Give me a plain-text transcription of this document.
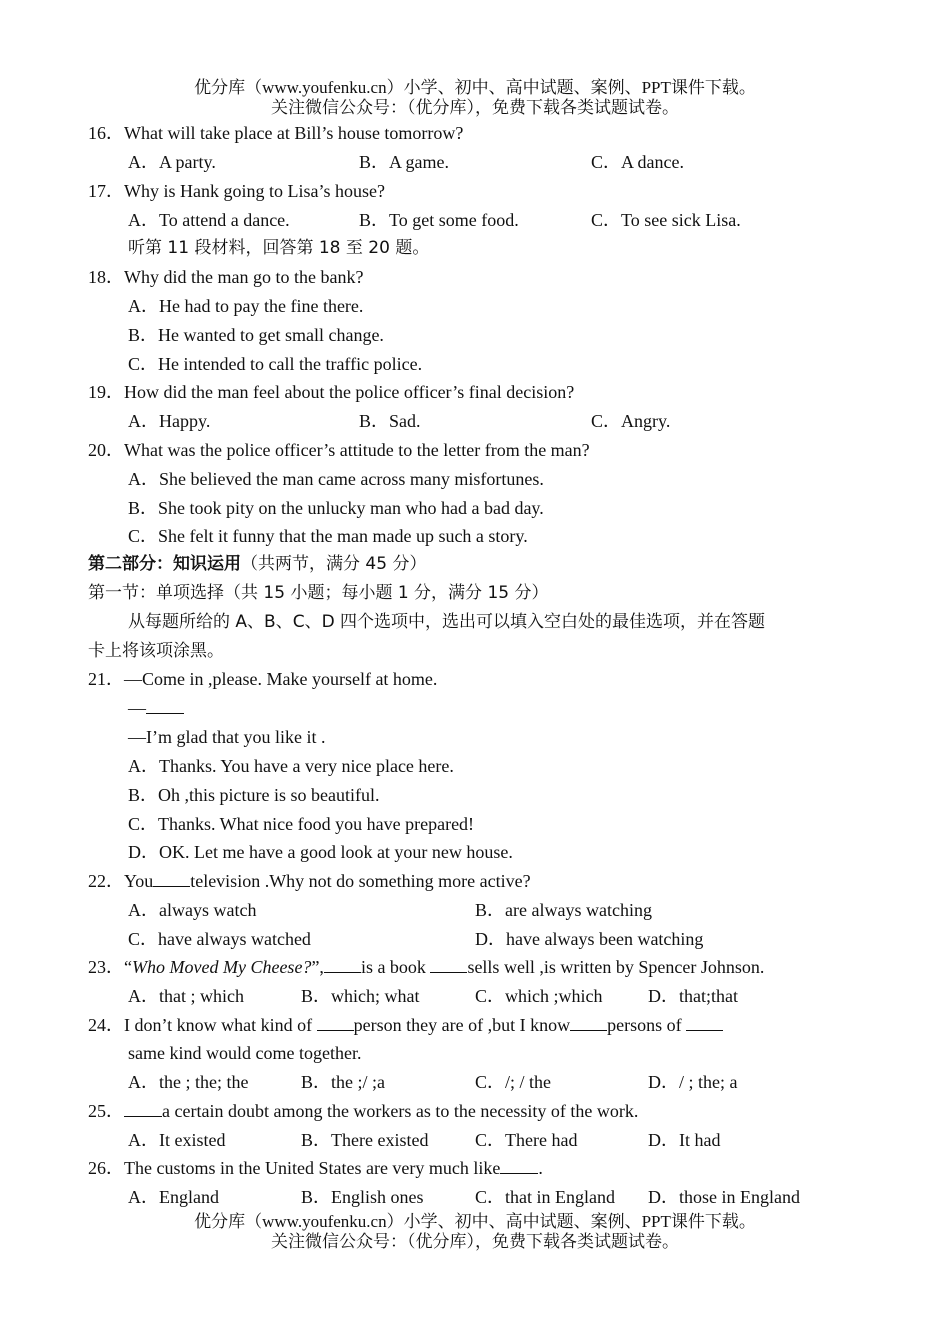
优分库（www.youfenku.cn）小学、初中、高中试题、案例、PPT课件下载。
关注微信公众号：（优分库），免费下载各类试题试卷。
16．What will take place at Bill’s house tomorrow?
A．A party.	B．A game.	C．A dance.
17．Why is Hank going to Lisa’s house?
A．To attend a dance.	B．To get some food.	C．To see sick Lisa.
听第 11 段材料，回答第 18 至 20 题。
18．Why did the man go to the bank?
A．He had to pay the fine there.
B．He wanted to get small change.
C．He intended to call the traffic police.
19．How did the man feel about the police officer’s final decision?
A．Happy.	B．Sad.	C．Angry.
20．What was the police officer’s attitude to the letter from the man?
A．She believed the man came across many misfortunes.
B．She took pity on the unlucky man who had a bad day.
C．She felt it funny that the man made up such a story.
第二部分：知识运用（共两节，满分 45 分）
第一节：单项选择（共 15 小题；每小题 1 分，满分 15 分）
从每题所给的 A、B、C、D 四个选项中，选出可以填入空白处的最佳选项，并在答题
卡上将该项涂黑。
21．—Come in ,please. Make yourself at home.
—
—I’m glad that you like it .
A．Thanks. You have a very nice place here.
B．Oh ,this picture is so beautiful.
C．Thanks. What nice food you have prepared!
D．OK. Let me have a good look at your new house.
22．You television .Why not do something more active?
A．always watch	B．are always watching
C．have always watched	D．have always been watching
23．“Who Moved My Cheese?”, is a book sells well ,is written by Spencer Johnson.
A．that ; which	B．which; what	C．which ;which	D．that;that
24．I don’t know what kind of person they are of ,but I know persons of
same kind would come together.
A．the ; the; the	B．the ;/ ;a	C．/; / the	D．/ ; the; a
25． a certain doubt among the workers as to the necessity of the work.
A．It existed	B．There existed	C．There had	D．It had
26．The customs in the United States are very much like .
A．England	B．English ones	C．that in England D．those in England
优分库（www.youfenku.cn）小学、初中、高中试题、案例、PPT课件下载。
关注微信公众号：（优分库），免费下载各类试题试卷。
